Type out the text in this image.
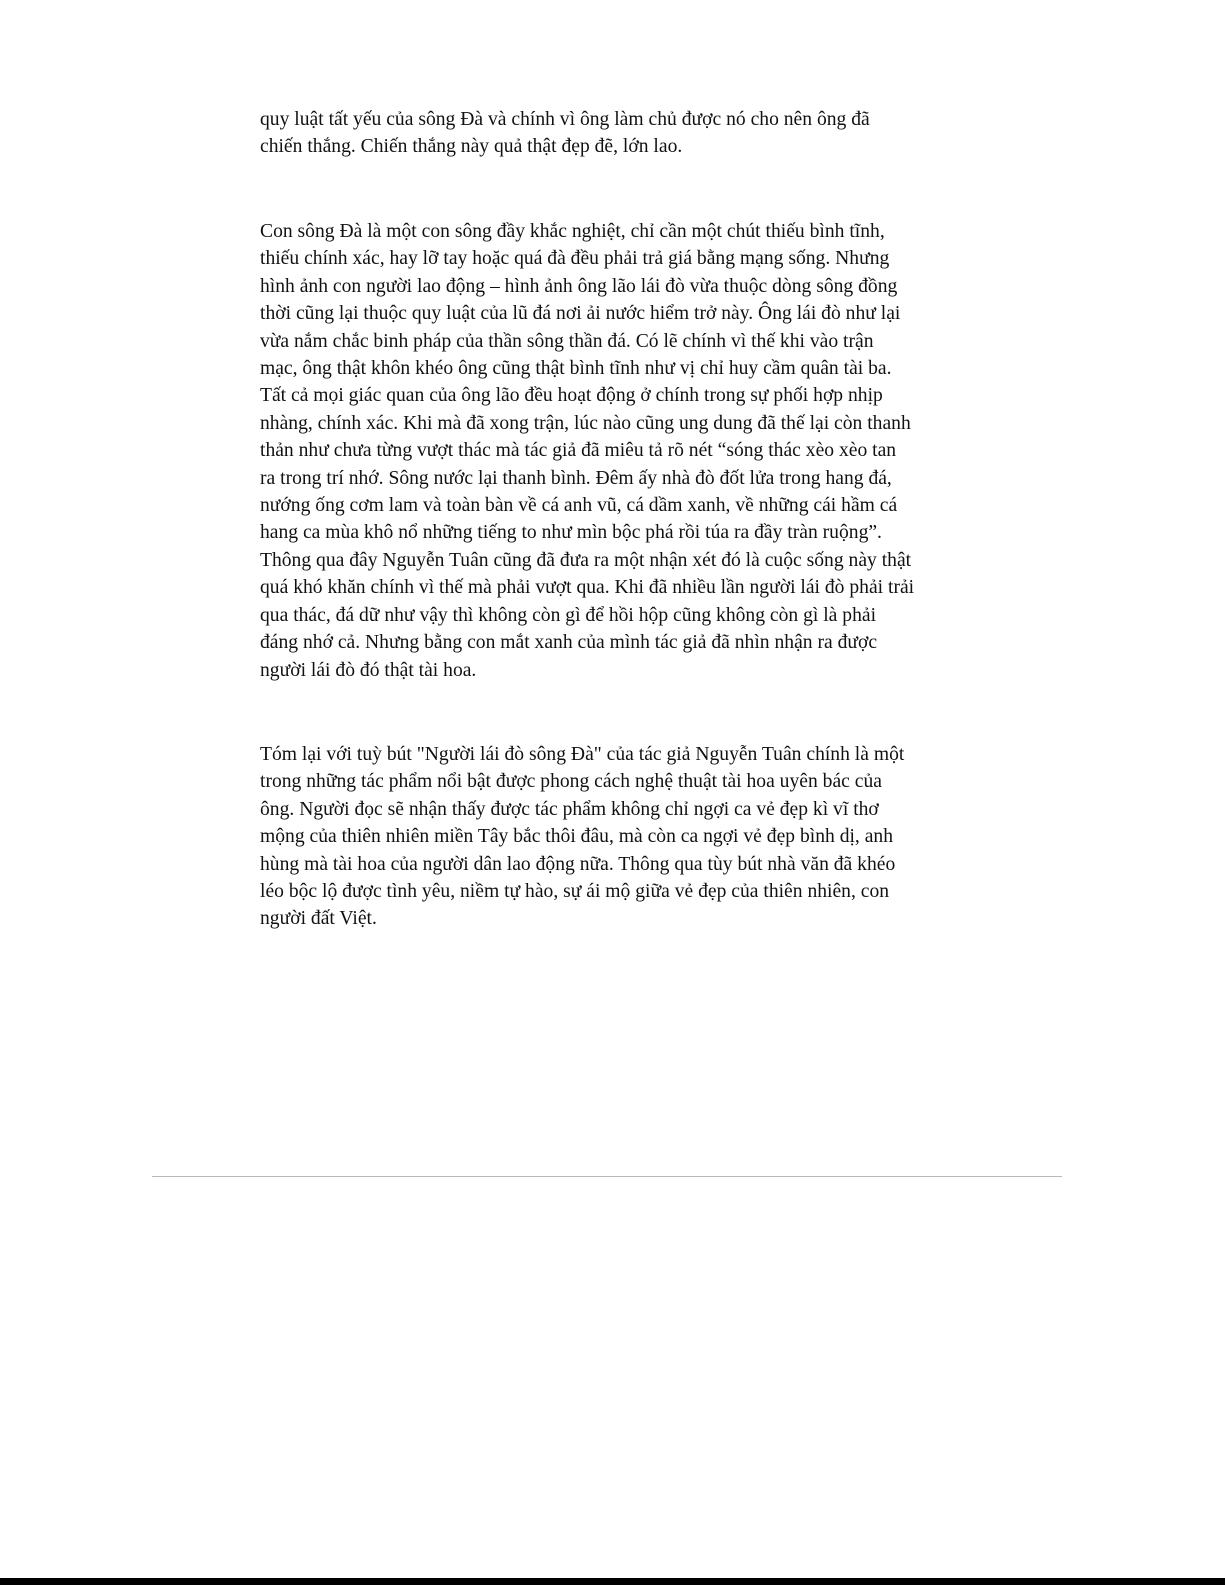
quy luật tất yếu của sông Đà và chính vì ông làm chủ được nó cho nên ông đã
chiến thắng. Chiến thắng này quả thật đẹp đẽ, lớn lao.
Con sông Đà là một con sông đầy khắc nghiệt, chỉ cần một chút thiếu bình tĩnh,
thiếu chính xác, hay lỡ tay hoặc quá đà đều phải trả giá bằng mạng sống. Nhưng
hình ảnh con người lao động – hình ảnh ông lão lái đò vừa thuộc dòng sông đồng
thời cũng lại thuộc quy luật của lũ đá nơi ải nước hiểm trở này. Ông lái đò như lại
vừa nắm chắc binh pháp của thần sông thần đá. Có lẽ chính vì thế khi vào trận
mạc, ông thật khôn khéo ông cũng thật bình tĩnh như vị chỉ huy cầm quân tài ba.
Tất cả mọi giác quan của ông lão đều hoạt động ở chính trong sự phối hợp nhịp
nhàng, chính xác. Khi mà đã xong trận, lúc nào cũng ung dung đã thế lại còn thanh
thản như chưa từng vượt thác mà tác giả đã miêu tả rõ nét “sóng thác xèo xèo tan
ra trong trí nhớ. Sông nước lại thanh bình. Đêm ấy nhà đò đốt lửa trong hang đá,
nướng ống cơm lam và toàn bàn về cá anh vũ, cá dầm xanh, về những cái hầm cá
hang ca mùa khô nổ những tiếng to như mìn bộc phá rồi túa ra đầy tràn ruộng”.
Thông qua đây Nguyễn Tuân cũng đã đưa ra một nhận xét đó là cuộc sống này thật
quá khó khăn chính vì thế mà phải vượt qua. Khi đã nhiều lần người lái đò phải trải
qua thác, đá dữ như vậy thì không còn gì để hồi hộp cũng không còn gì là phải
đáng nhớ cả. Nhưng bằng con mắt xanh của mình tác giả đã nhìn nhận ra được
người lái đò đó thật tài hoa.
Tóm lại với tuỳ bút "Người lái đò sông Đà" của tác giả Nguyễn Tuân chính là một
trong những tác phẩm nổi bật được phong cách nghệ thuật tài hoa uyên bác của
ông. Người đọc sẽ nhận thấy được tác phẩm không chỉ ngợi ca vẻ đẹp kì vĩ thơ
mộng của thiên nhiên miền Tây bắc thôi đâu, mà còn ca ngợi vẻ đẹp bình dị, anh
hùng mà tài hoa của người dân lao động nữa. Thông qua tùy bút nhà văn đã khéo
léo bộc lộ được tình yêu, niềm tự hào, sự ái mộ giữa vẻ đẹp của thiên nhiên, con
người đất Việt.
